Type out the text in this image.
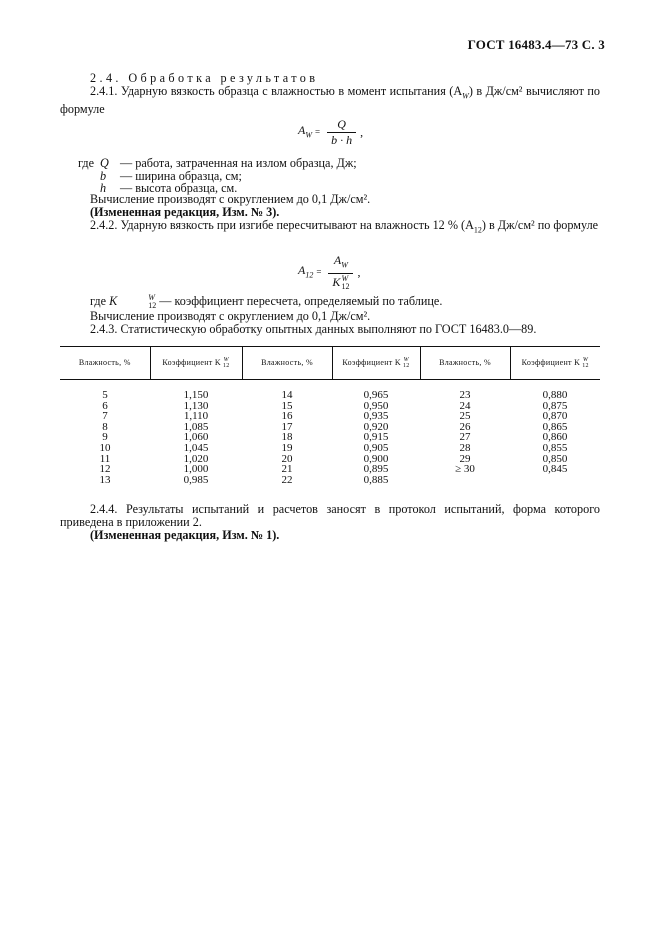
ГОСТ 16483.4—73 С. 3

2.4. Обработка результатов

2.4.1. Ударную вязкость образца с влажностью в момент испытания $(A_W)$ в Дж/см² вычисляют по формуле

$A_W = \frac{Q}{b \cdot h}$ ,
где Q — работа, затраченная на излом образца, Дж;
b	— ширина образца, см;
h	— высота образца, см.

Вычисление производят с округлением до 0,1 Дж/см².

(Измененная редакция, Изм. № 3).

2.4.2. Ударную вязкость при изгибе пересчитывают на влажность 12 % $(A_{12})$ в Дж/см² по формуле

$A_{12} = A_W$
K W
12 ,

где K	W
12 — коэффициент пересчета, определяемый по таблице.

Вычисление производят с округлением до 0,1 Дж/см².

2.4.3. Статистическую обработку опытных данных выполняют по ГОСТ 16483.0—89.

Влажность, %	Коэффициент K W
12	Влажность, %	Коэффициент K W
12	Влажность, %	Коэффициент K W
12

5	1,150	14	0,965	23	0,880
6	1,130	15	0,950	24	0,875
7	1,110	16	0,935	25	0,870
8	1,085	17	0,920	26	0,865
9	1,060	18	0,915	27	0,860
10	1,045	19	0,905	28	0,855
11	1,020	20	0,900	29	0,850
12	1,000	21	0,895	≥ 30	0,845
13	0,985	22	0,885		

2.4.4. Результаты испытаний и расчетов заносят в протокол испытаний, форма которого приведена в приложении 2.

(Измененная редакция, Изм. № 1).
